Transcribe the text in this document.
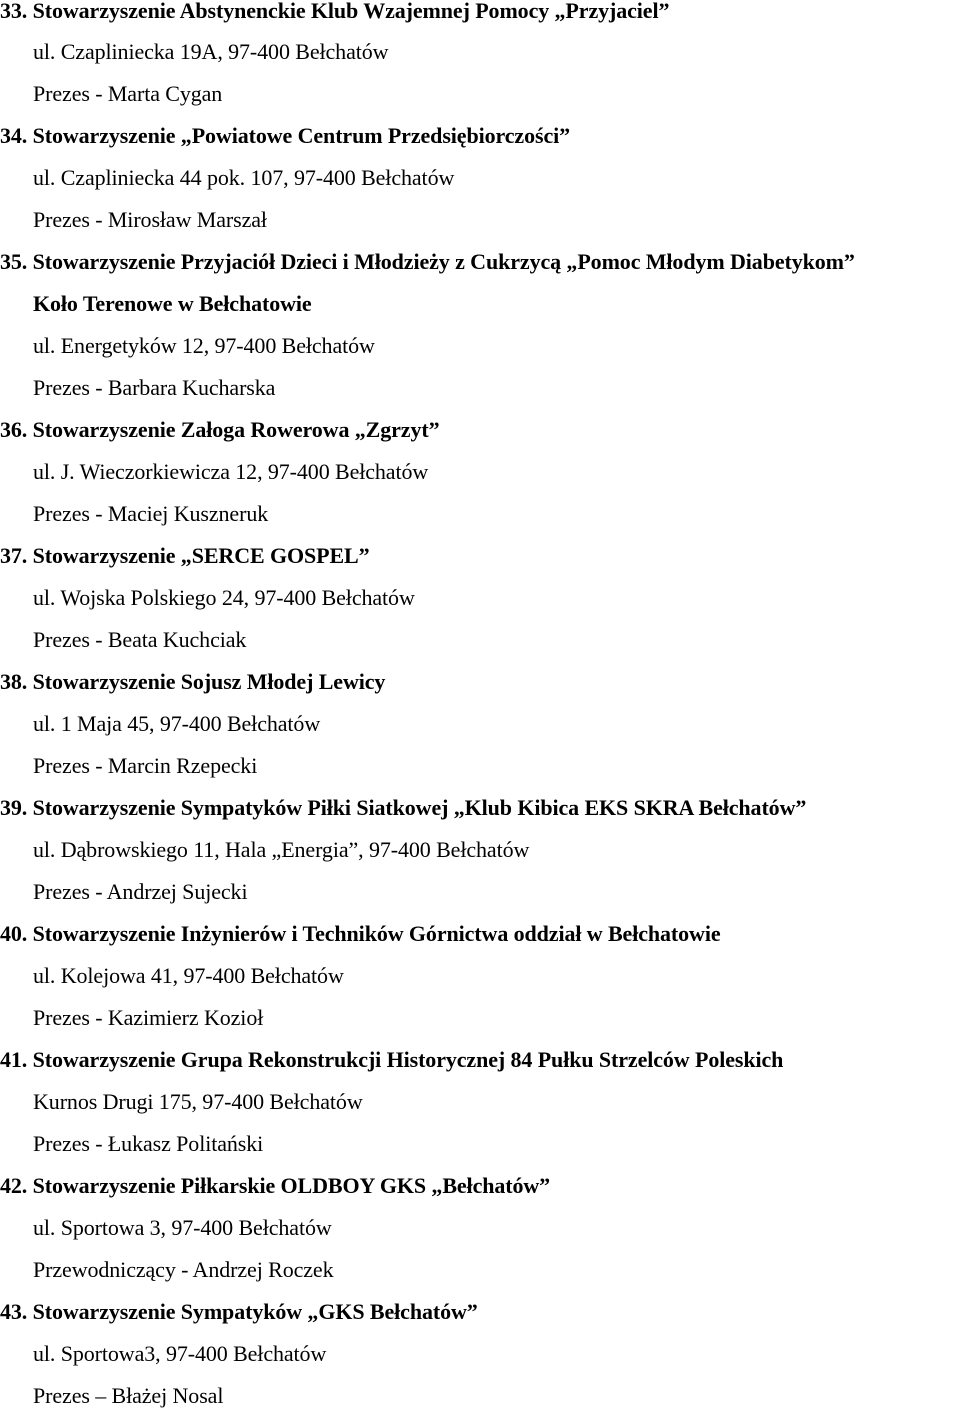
33. Stowarzyszenie Abstynenckie Klub Wzajemnej Pomocy „Przyjaciel”
ul. Czapliniecka 19A, 97-400 Bełchatów
Prezes - Marta Cygan
34. Stowarzyszenie „Powiatowe Centrum Przedsiębiorczości”
ul. Czapliniecka 44 pok. 107, 97-400 Bełchatów
Prezes - Mirosław Marszał
35. Stowarzyszenie Przyjaciół Dzieci i Młodzieży z Cukrzycą „Pomoc Młodym Diabetykom”
Koło Terenowe w Bełchatowie
ul. Energetyków 12, 97-400 Bełchatów
Prezes - Barbara Kucharska
36. Stowarzyszenie Załoga Rowerowa „Zgrzyt”
ul. J. Wieczorkiewicza 12, 97-400 Bełchatów
Prezes - Maciej Kuszneruk
37. Stowarzyszenie „SERCE GOSPEL”
ul. Wojska Polskiego 24, 97-400 Bełchatów
Prezes - Beata Kuchciak
38. Stowarzyszenie Sojusz Młodej Lewicy
ul. 1 Maja 45, 97-400 Bełchatów
Prezes - Marcin Rzepecki
39. Stowarzyszenie Sympatyków Piłki Siatkowej „Klub Kibica EKS SKRA Bełchatów”
ul. Dąbrowskiego 11, Hala „Energia”, 97-400 Bełchatów
Prezes - Andrzej Sujecki
40. Stowarzyszenie Inżynierów i Techników Górnictwa oddział w Bełchatowie
ul. Kolejowa 41, 97-400 Bełchatów
Prezes - Kazimierz Kozioł
41. Stowarzyszenie Grupa Rekonstrukcji Historycznej 84 Pułku Strzelców Poleskich
Kurnos Drugi 175, 97-400 Bełchatów
Prezes - Łukasz Politański
42. Stowarzyszenie Piłkarskie OLDBOY GKS „Bełchatów”
ul. Sportowa 3, 97-400 Bełchatów
Przewodniczący - Andrzej Roczek
43. Stowarzyszenie Sympatyków „GKS Bełchatów”
ul. Sportowa3, 97-400 Bełchatów
Prezes – Błażej Nosal
